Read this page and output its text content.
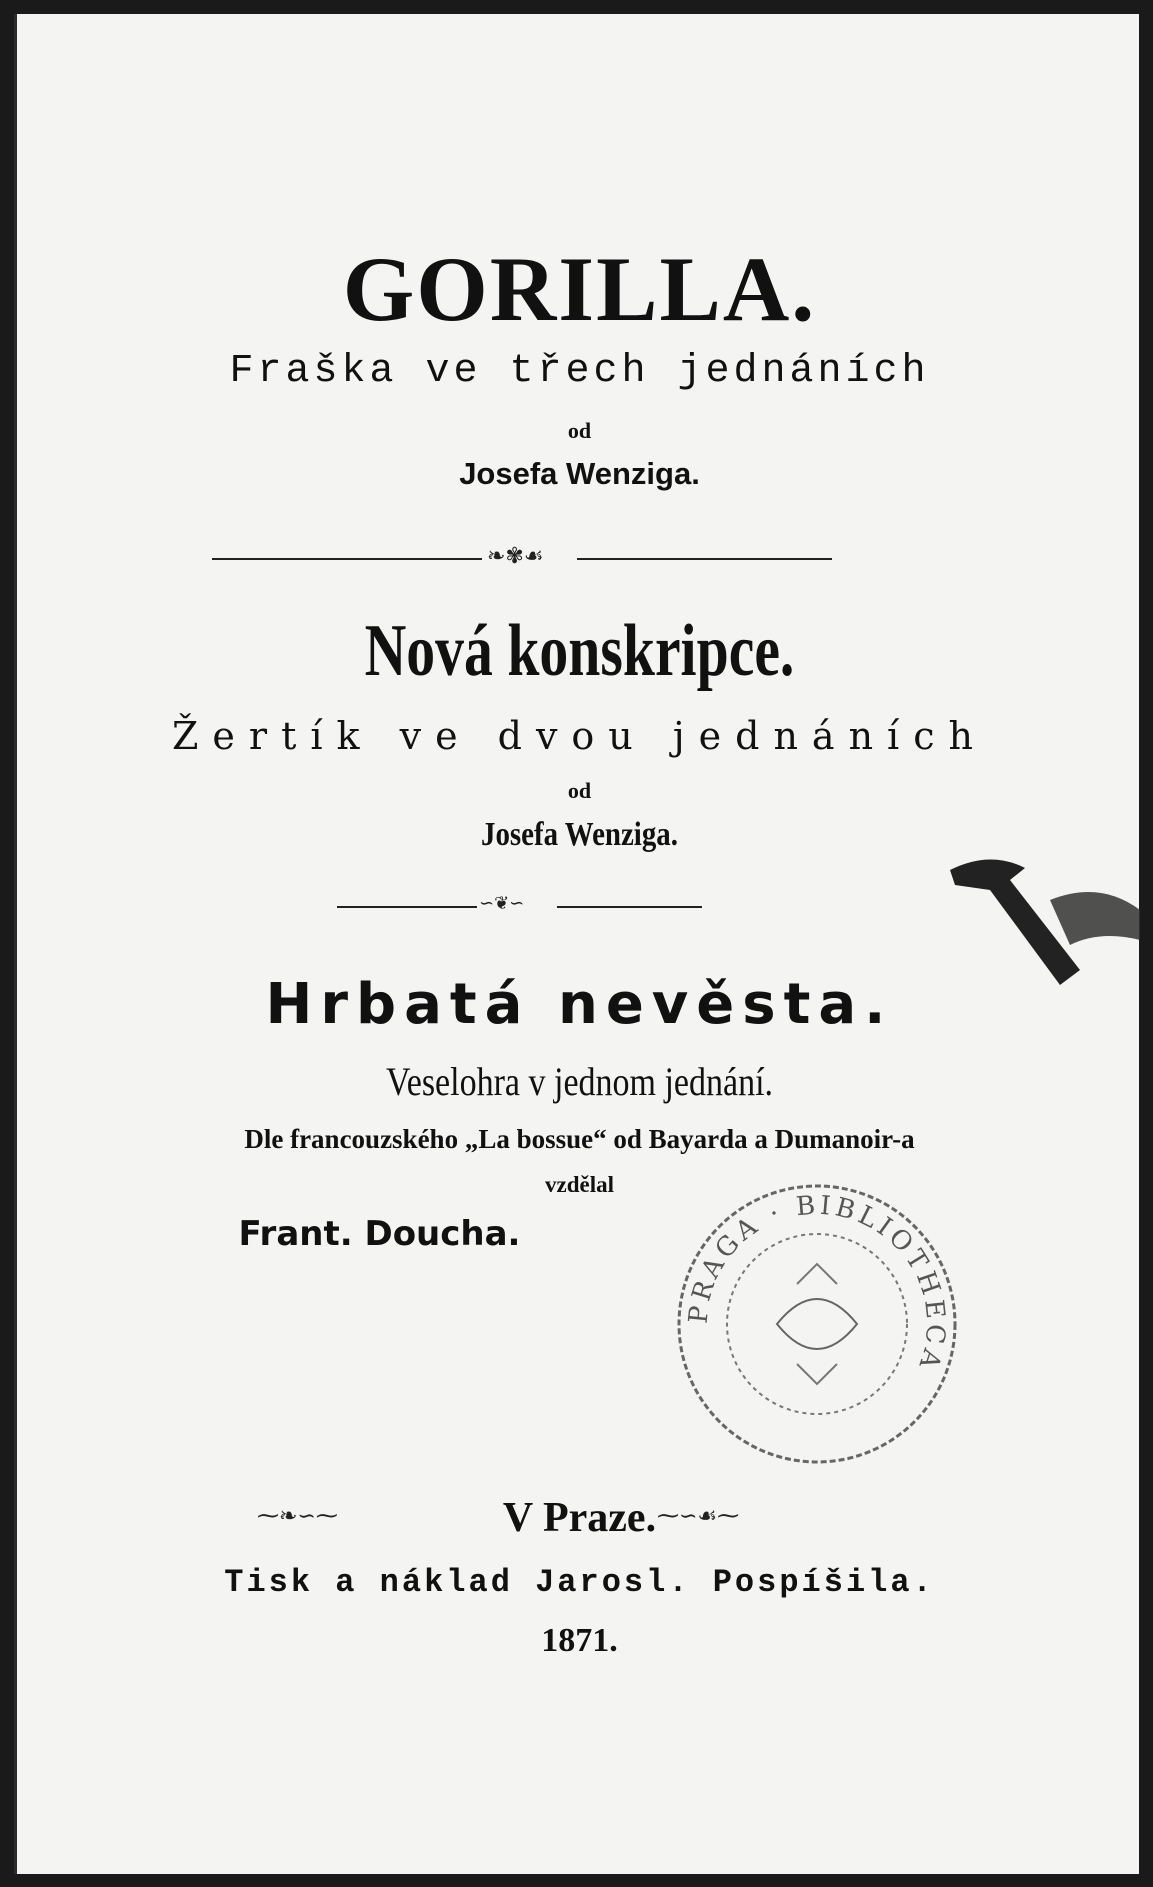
GORILLA.
Fraška ve třech jednáních
od
Josefa Wenziga.
❧✾☙
Nová konskripce.
Žertík ve dvou jednáních
od
Josefa Wenziga.
∽❦∽
Hrbatá nevěsta.
Veselohra v jednom jednání.
Dle francouzského „La bossue“ od Bayarda a Dumanoir-a
vzdělal
Frant. Doucha.
PRAGA · BIBLIOTHECA
⁓❧∽⁓	V Praze. ⁓∽☙⁓
Tisk a náklad Jarosl. Pospíšila.
1871.
